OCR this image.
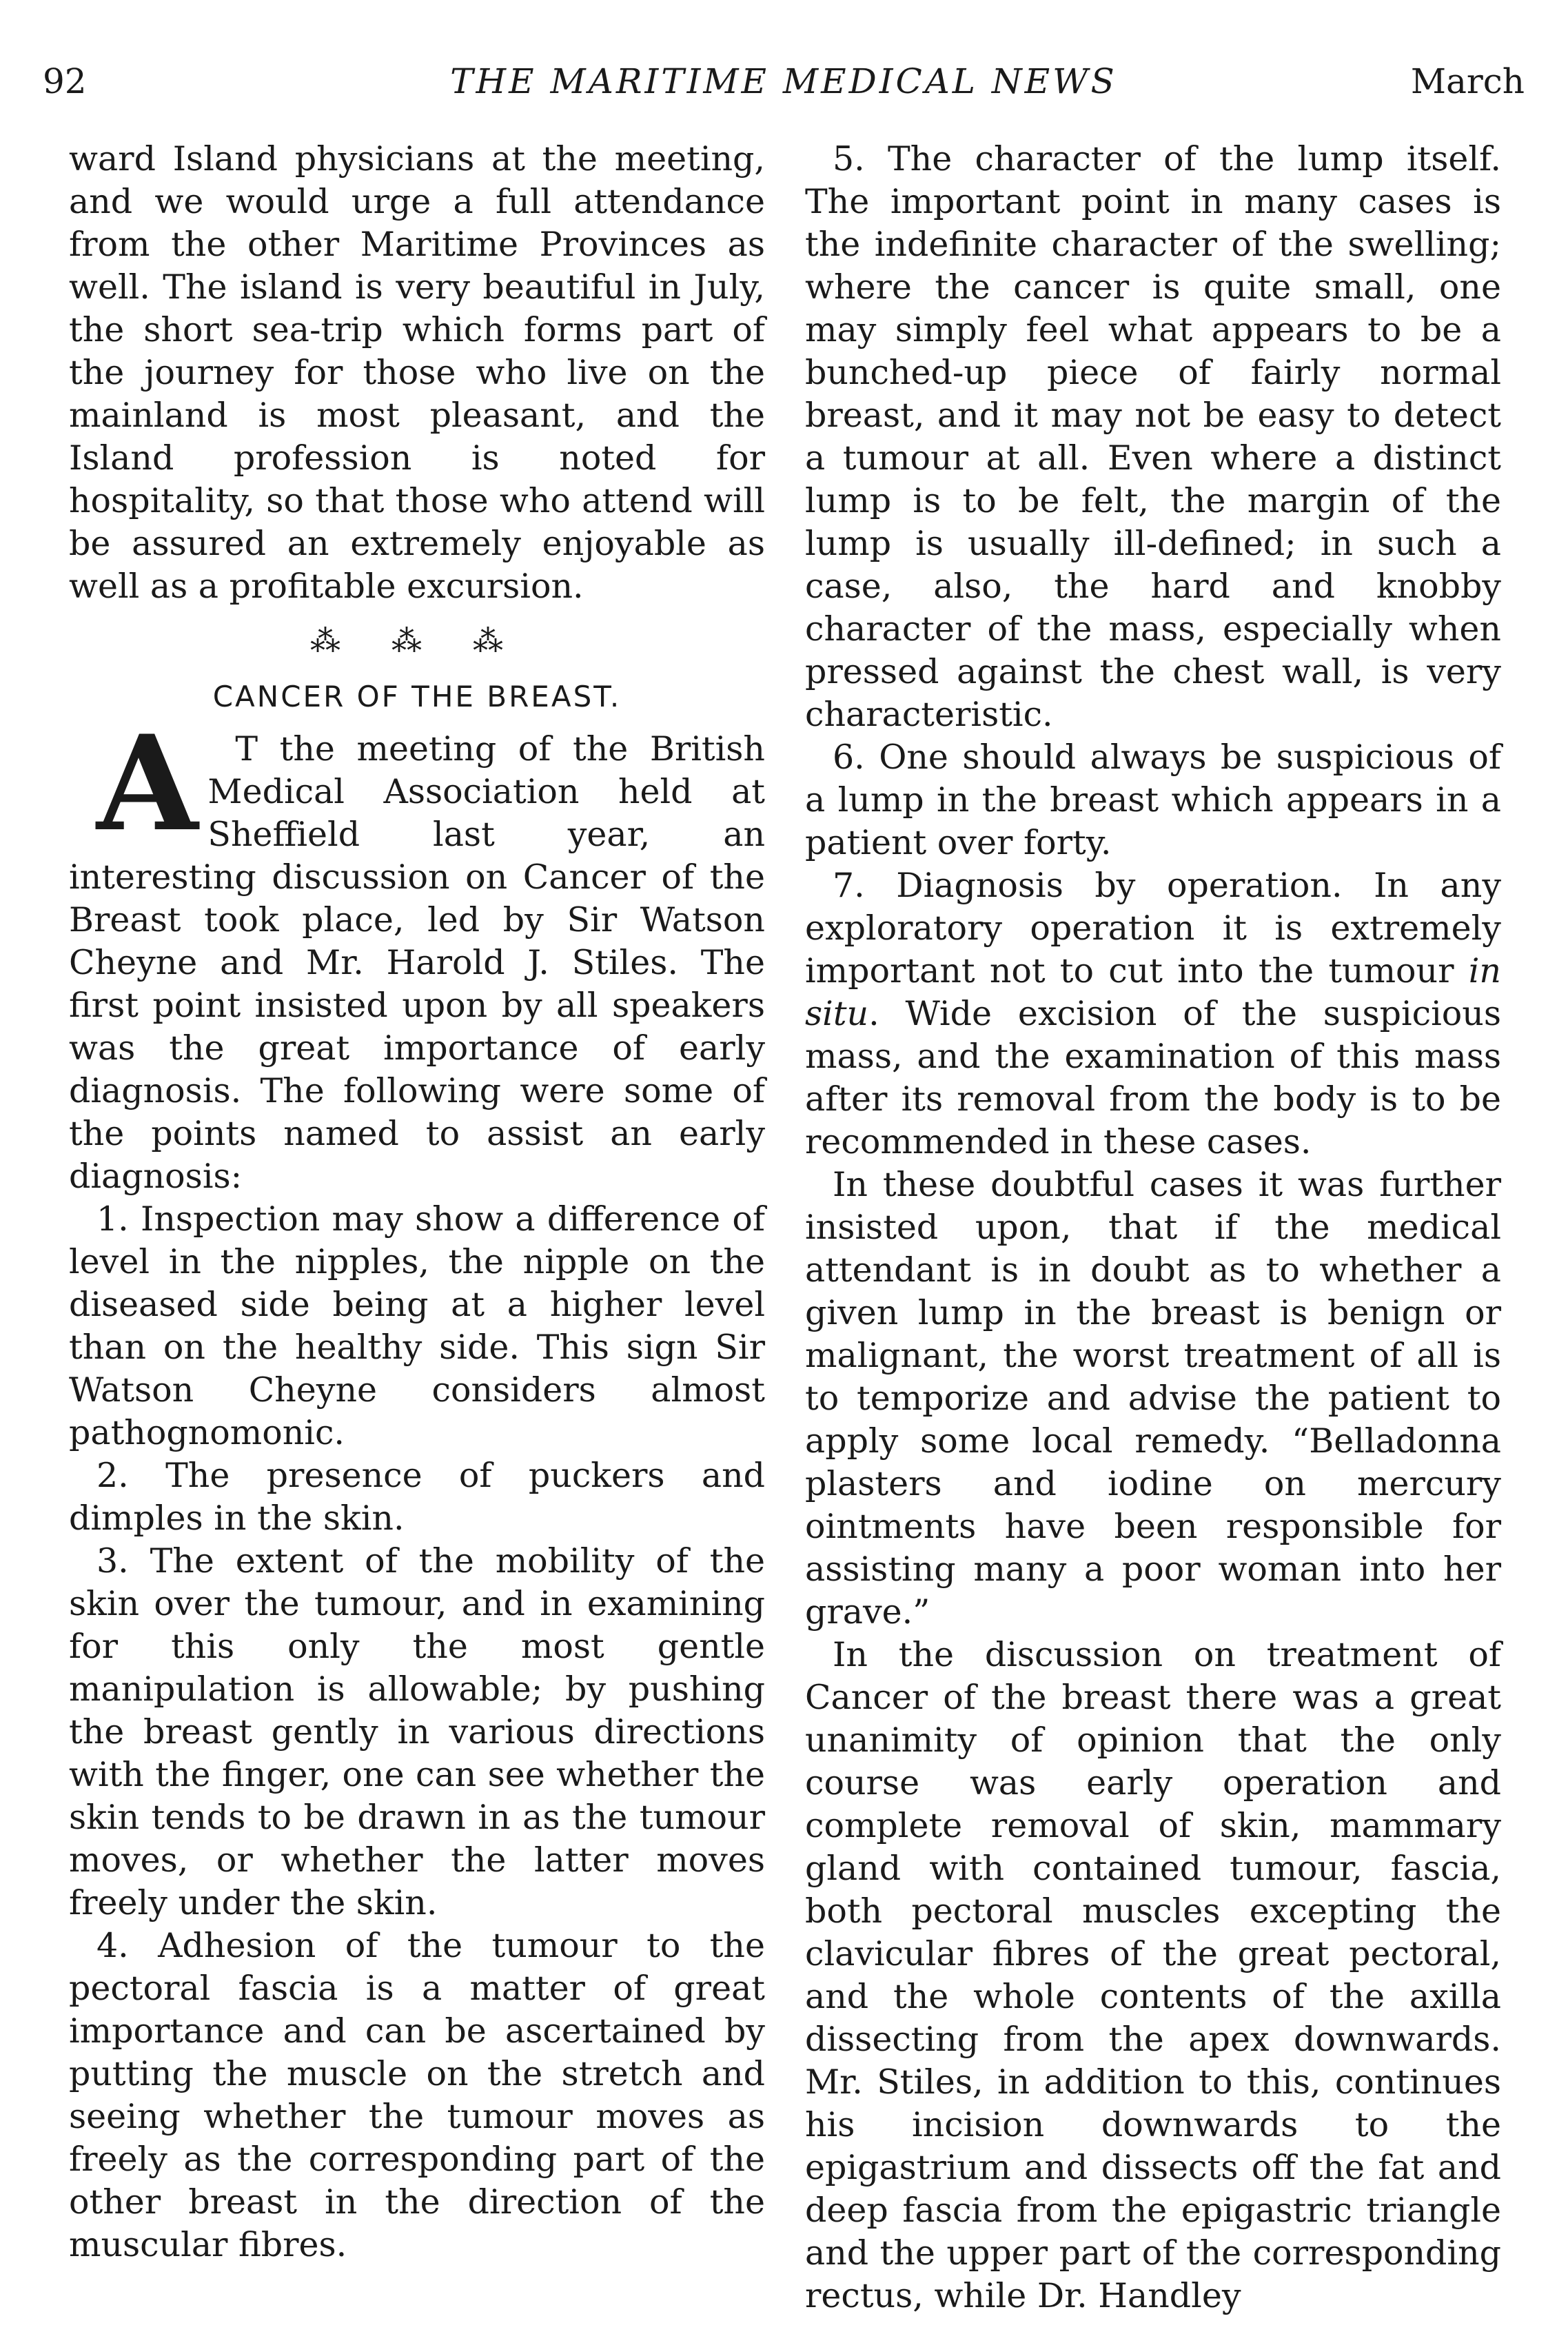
92	THE MARITIME MEDICAL NEWS	March

ward Island physicians at the meeting, and we would urge a full attendance from the other Maritime Provinces as well. The island is very beautiful in July, the short sea-trip which forms part of the journey for those who live on the mainland is most pleasant, and the Island profession is noted for hospitality, so that those who attend will be assured an extremely enjoyable as well as a profitable excursion.

⁂ ⁂ ⁂
CANCER OF THE BREAST.

A T the meeting of the British Medical Association held at Sheffield last year, an interesting discussion on Cancer of the Breast took place, led by Sir Watson Cheyne and Mr. Harold J. Stiles. The first point insisted upon by all speakers was the great importance of early diagnosis. The following were some of the points named to assist an early diagnosis:

1. Inspection may show a difference of level in the nipples, the nipple on the diseased side being at a higher level than on the healthy side. This sign Sir Watson Cheyne considers almost pathognomonic.

2. The presence of puckers and dimples in the skin.

3. The extent of the mobility of the skin over the tumour, and in examining for this only the most gentle manipulation is allowable; by pushing the breast gently in various directions with the finger, one can see whether the skin tends to be drawn in as the tumour moves, or whether the latter moves freely under the skin.

4. Adhesion of the tumour to the pectoral fascia is a matter of great importance and can be ascertained by putting the muscle on the stretch and seeing whether the tumour moves as freely as the corresponding part of the other breast in the direction of the muscular fibres.

5. The character of the lump itself. The important point in many cases is the indefinite character of the swelling; where the cancer is quite small, one may simply feel what appears to be a bunched-up piece of fairly normal breast, and it may not be easy to detect a tumour at all. Even where a distinct lump is to be felt, the margin of the lump is usually ill-defined; in such a case, also, the hard and knobby character of the mass, especially when pressed against the chest wall, is very characteristic.

6. One should always be suspicious of a lump in the breast which appears in a patient over forty.

7. Diagnosis by operation. In any exploratory operation it is extremely important not to cut into the tumour in situ. Wide excision of the suspicious mass, and the examination of this mass after its removal from the body is to be recommended in these cases.

In these doubtful cases it was further insisted upon, that if the medical attendant is in doubt as to whether a given lump in the breast is benign or malignant, the worst treatment of all is to temporize and advise the patient to apply some local remedy. “Belladonna plasters and iodine on mercury ointments have been responsible for assisting many a poor woman into her grave.”

In the discussion on treatment of Cancer of the breast there was a great unanimity of opinion that the only course was early operation and complete removal of skin, mammary gland with contained tumour, fascia, both pectoral muscles excepting the clavicular fibres of the great pectoral, and the whole contents of the axilla dissecting from the apex downwards. Mr. Stiles, in addition to this, continues his incision downwards to the epigastrium and dissects off the fat and deep fascia from the epigastric triangle and the upper part of the corresponding rectus, while Dr. Handley
